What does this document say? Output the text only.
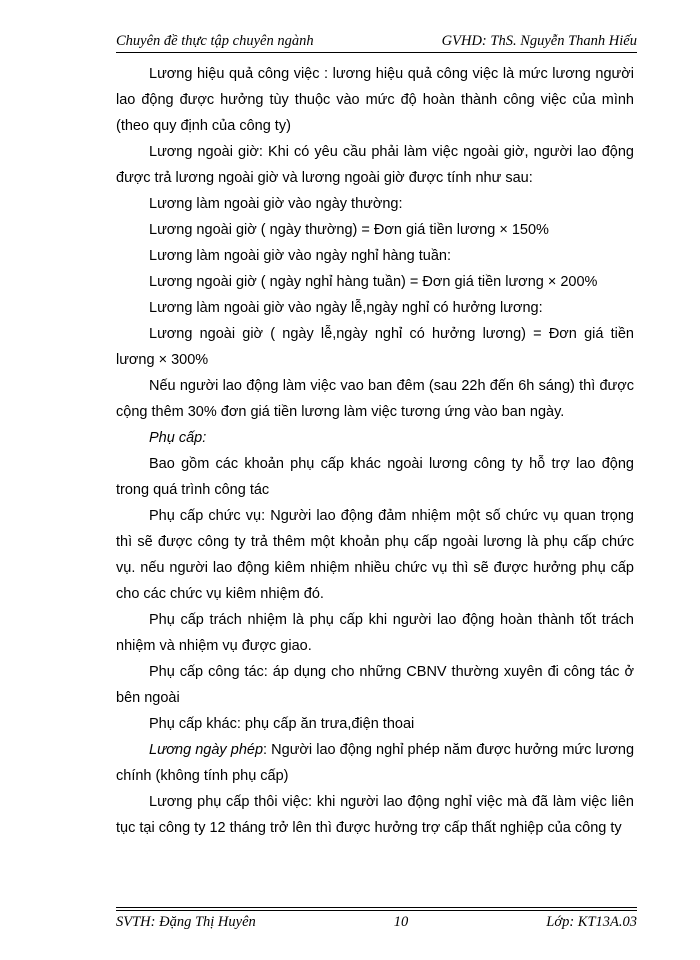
Chuyên đề thực tập chuyên ngành	GVHD: ThS. Nguyễn Thanh Hiếu

Lương hiệu quả công việc : lương hiệu quả công việc là mức lương người lao động được hưởng tùy thuộc vào mức độ hoàn thành công việc của mình (theo quy định của công ty)

Lương ngoài giờ: Khi có yêu cầu phải làm việc ngoài giờ, người lao động được trả lương ngoài giờ và lương ngoài giờ được tính như sau:

Lương làm ngoài giờ vào ngày thường:

Lương ngoài giờ ( ngày thường) = Đơn giá tiền lương × 150%

Lương làm ngoài giờ vào ngày nghỉ hàng tuần:

Lương ngoài giờ ( ngày nghỉ hàng tuần) = Đơn giá tiền lương × 200%

Lương làm ngoài giờ vào ngày lễ,ngày nghỉ có hưởng lương:

Lương ngoài giờ ( ngày lễ,ngày nghỉ có hưởng lương) = Đơn giá tiền lương × 300%

Nếu người lao động làm việc vao ban đêm (sau 22h đến 6h sáng) thì được cộng thêm 30% đơn giá tiền lương làm việc tương ứng vào ban ngày.

Phụ cấp:

Bao gồm các khoản phụ cấp khác ngoài lương công ty hỗ trợ lao động trong quá trình công tác

Phụ cấp chức vụ: Người lao động đảm nhiệm một số chức vụ quan trọng thì sẽ được công ty trả thêm một khoản phụ cấp ngoài lương là phụ cấp chức vụ. nếu người lao động kiêm nhiệm nhiều chức vụ thì sẽ được hưởng phụ cấp cho các chức vụ kiêm nhiệm đó.

Phụ cấp trách nhiệm là phụ cấp khi người lao động hoàn thành tốt trách nhiệm và nhiệm vụ được giao.

Phụ cấp công tác: áp dụng cho những CBNV thường xuyên đi công tác ở bên ngoài

Phụ cấp khác: phụ cấp ăn trưa,điện thoai

Lương ngày phép: Người lao động nghỉ phép năm được hưởng mức lương chính (không tính phụ cấp)

Lương phụ cấp thôi việc: khi người lao động nghỉ việc mà đã làm việc liên tục tại công ty 12 tháng trở lên thì được hưởng trợ cấp thất nghiệp của công ty

SVTH: Đặng Thị Huyên	10	Lớp: KT13A.03
